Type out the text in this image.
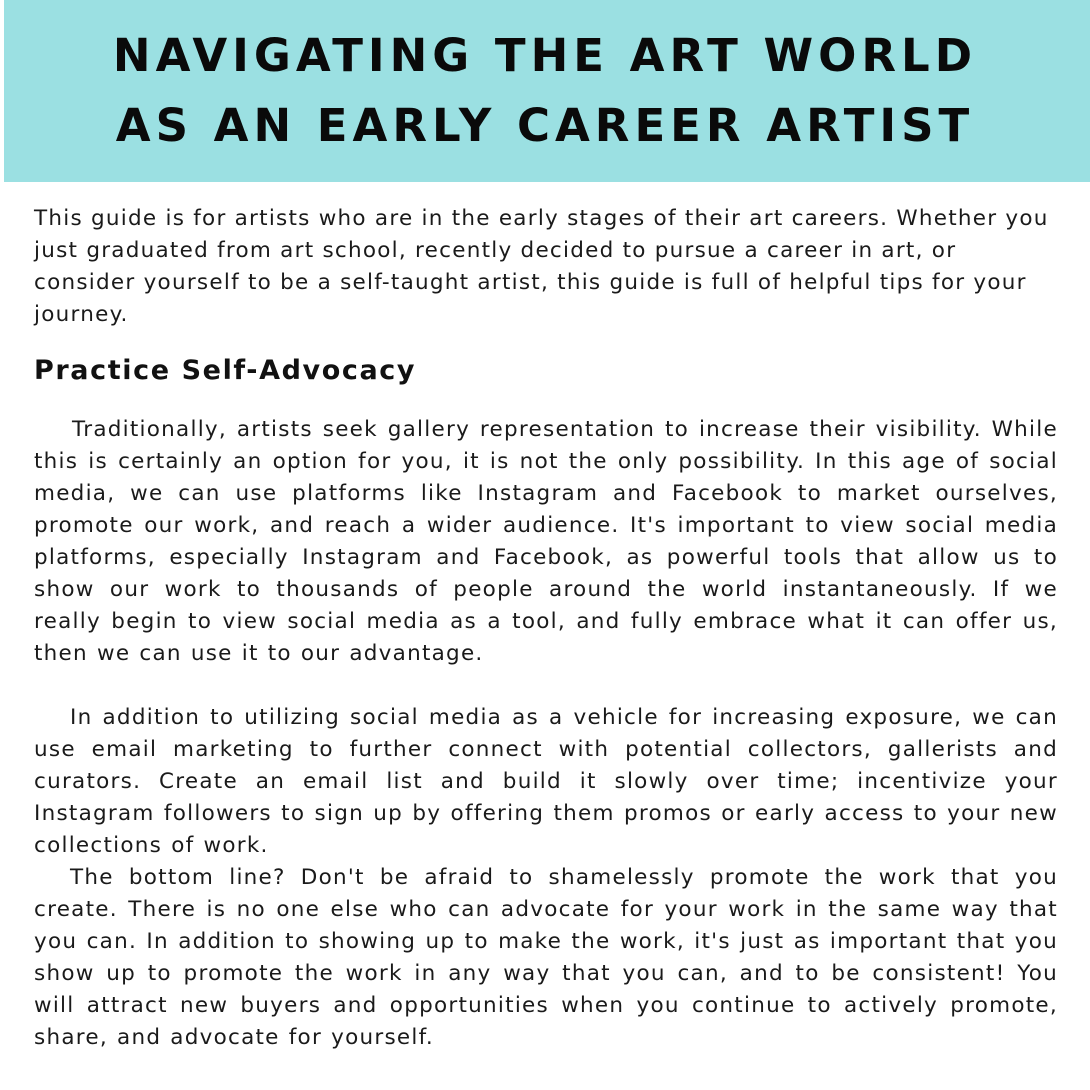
NAVIGATING THE ART WORLD
AS AN EARLY CAREER ARTIST
This guide is for artists who are in the early stages of their art careers. Whether you just graduated from art school, recently decided to pursue a career in art, or consider yourself to be a self-taught artist, this guide is full of helpful tips for your journey.
Practice Self-Advocacy

Traditionally, artists seek gallery representation to increase their visibility. While this is certainly an option for you, it is not the only possibility. In this age of social media, we can use platforms like Instagram and Facebook to market ourselves, promote our work, and reach a wider audience. It's important to view social media platforms, especially Instagram and Facebook, as powerful tools that allow us to show our work to thousands of people around the world instantaneously. If we really begin to view social media as a tool, and fully embrace what it can offer us, then we can use it to our advantage.

In addition to utilizing social media as a vehicle for increasing exposure, we can use email marketing to further connect with potential collectors, gallerists and curators. Create an email list and build it slowly over time; incentivize your Instagram followers to sign up by offering them promos or early access to your new collections of work.

The bottom line? Don't be afraid to shamelessly promote the work that you create. There is no one else who can advocate for your work in the same way that you can. In addition to showing up to make the work, it's just as important that you show up to promote the work in any way that you can, and to be consistent! You will attract new buyers and opportunities when you continue to actively promote, share, and advocate for yourself.
